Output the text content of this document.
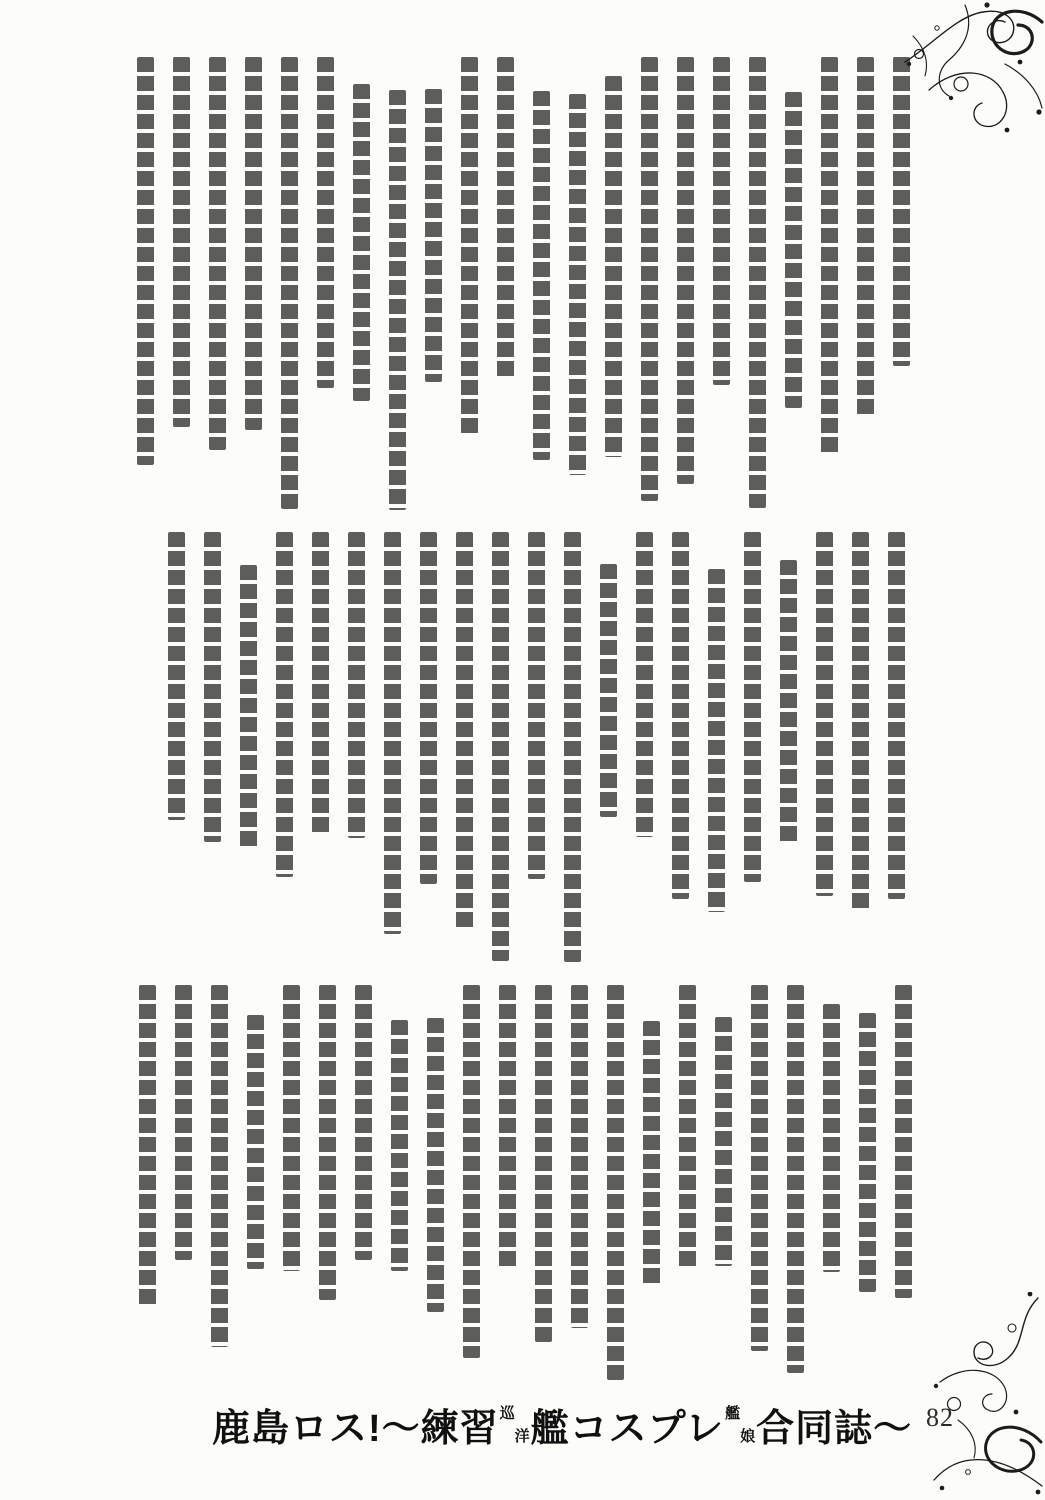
82
鹿島ロス!〜練習 巡
洋 艦コスプレ 艦
娘 合同誌〜
